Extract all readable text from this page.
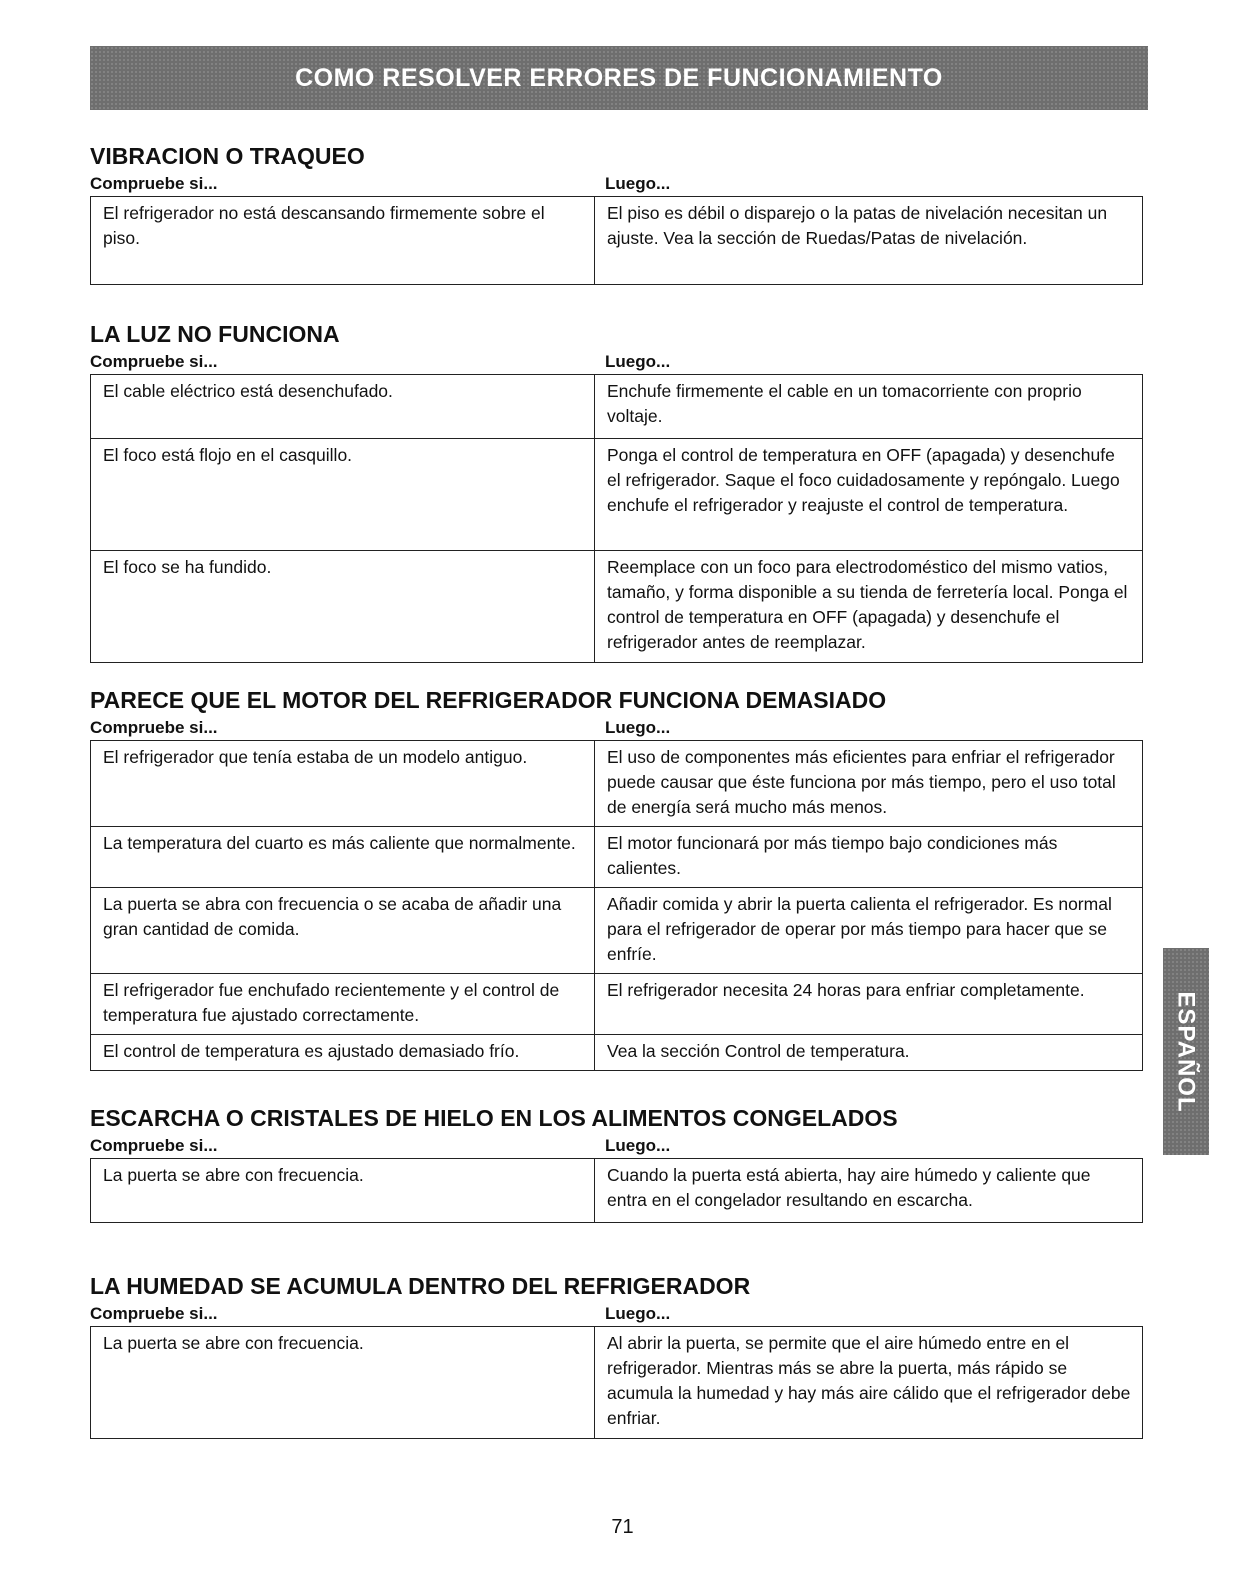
COMO RESOLVER ERRORES DE FUNCIONAMIENTO
VIBRACION O TRAQUEO
Compruebe si...	Luego...
El refrigerador no está descansando firmemente sobre el piso.	El piso es débil o disparejo o la patas de nivelación necesitan un ajuste. Vea la sección de Ruedas/Patas de nivelación.
LA LUZ NO FUNCIONA
Compruebe si...	Luego...
El cable eléctrico está desenchufado.	Enchufe firmemente el cable en un tomacorriente con proprio voltaje.
El foco está flojo en el casquillo.	Ponga el control de temperatura en OFF (apagada) y desenchufe el refrigerador. Saque el foco cuidadosamente y repóngalo. Luego enchufe el refrigerador y reajuste el control de temperatura.
El foco se ha fundido.	Reemplace con un foco para electrodoméstico del mismo vatios, tamaño, y forma disponible a su tienda de ferretería local. Ponga el control de temperatura en OFF (apagada) y desenchufe el refrigerador antes de reemplazar.
PARECE QUE EL MOTOR DEL REFRIGERADOR FUNCIONA DEMASIADO
Compruebe si...	Luego...
El refrigerador que tenía estaba de un modelo antiguo.	El uso de componentes más eficientes para enfriar el refrigerador puede causar que éste funciona por más tiempo, pero el uso total de energía será mucho más menos.
La temperatura del cuarto es más caliente que normalmente.	El motor funcionará por más tiempo bajo condiciones más calientes.
La puerta se abra con frecuencia o se acaba de añadir una gran cantidad de comida.	Añadir comida y abrir la puerta calienta el refrigerador. Es normal para el refrigerador de operar por más tiempo para hacer que se enfríe.
El refrigerador fue enchufado recientemente y el control de temperatura fue ajustado correctamente.	El refrigerador necesita 24 horas para enfriar completamente.
El control de temperatura es ajustado demasiado frío.	Vea la sección Control de temperatura.
ESCARCHA O CRISTALES DE HIELO EN LOS ALIMENTOS CONGELADOS
Compruebe si...	Luego...
La puerta se abre con frecuencia.	Cuando la puerta está abierta, hay aire húmedo y caliente que entra en el congelador resultando en escarcha.
LA HUMEDAD SE ACUMULA DENTRO DEL REFRIGERADOR
Compruebe si...	Luego...
La puerta se abre con frecuencia.	Al abrir la puerta, se permite que el aire húmedo entre en el refrigerador. Mientras más se abre la puerta, más rápido se acumula la humedad y hay más aire cálido que el refrigerador debe enfriar.
ESPAÑOL
71
